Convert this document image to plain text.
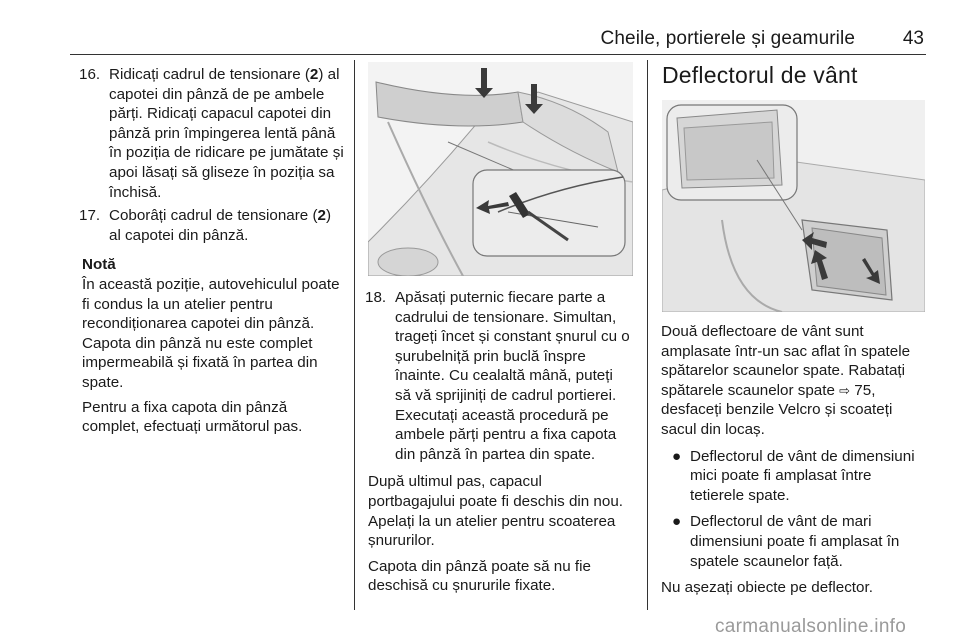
Cheile, portierele și geamurile	43

16. Ridicați cadrul de tensionare (2) al capotei din pânză de pe ambele părți. Ridicați capacul capotei din pânză prin împingerea lentă până în poziția de ridicare pe jumătate și apoi lăsați să gliseze în poziția sa închisă.

17. Coborâți cadrul de tensionare (2) al capotei din pânză.

Notă

În această poziție, autovehiculul poate fi condus la un atelier pentru recondiționarea capotei din pânză. Capota din pânză nu este complet impermeabilă și fixată în partea din spate.

Pentru a fixa capota din pânză complet, efectuați următorul pas.

18. Apăsați puternic fiecare parte a cadrului de tensionare. Simultan, trageți încet și constant șnurul cu o șurubelniță prin buclă înspre înainte. Cu cealaltă mână, puteți să vă sprijiniți de cadrul portierei. Executați această procedură pe ambele părți pentru a fixa capota din pânză în partea din spate.

După ultimul pas, capacul portbagajului poate fi deschis din nou. Apelați la un atelier pentru scoaterea șnururilor.

Capota din pânză poate să nu fie deschisă cu șnururile fixate.

Deflectorul de vânt

Două deflectoare de vânt sunt amplasate într-un sac aflat în spatele spătarelor scaunelor spate. Rabatați spătarele scaunelor spate ⇨ 75, desfaceți benzile Velcro și scoateți sacul din locaș.

● Deflectorul de vânt de dimensiuni mici poate fi amplasat între tetierele spate.

● Deflectorul de vânt de mari dimensiuni poate fi amplasat în spatele scaunelor față.

Nu așezați obiecte pe deflector.

carmanualsonline.info
